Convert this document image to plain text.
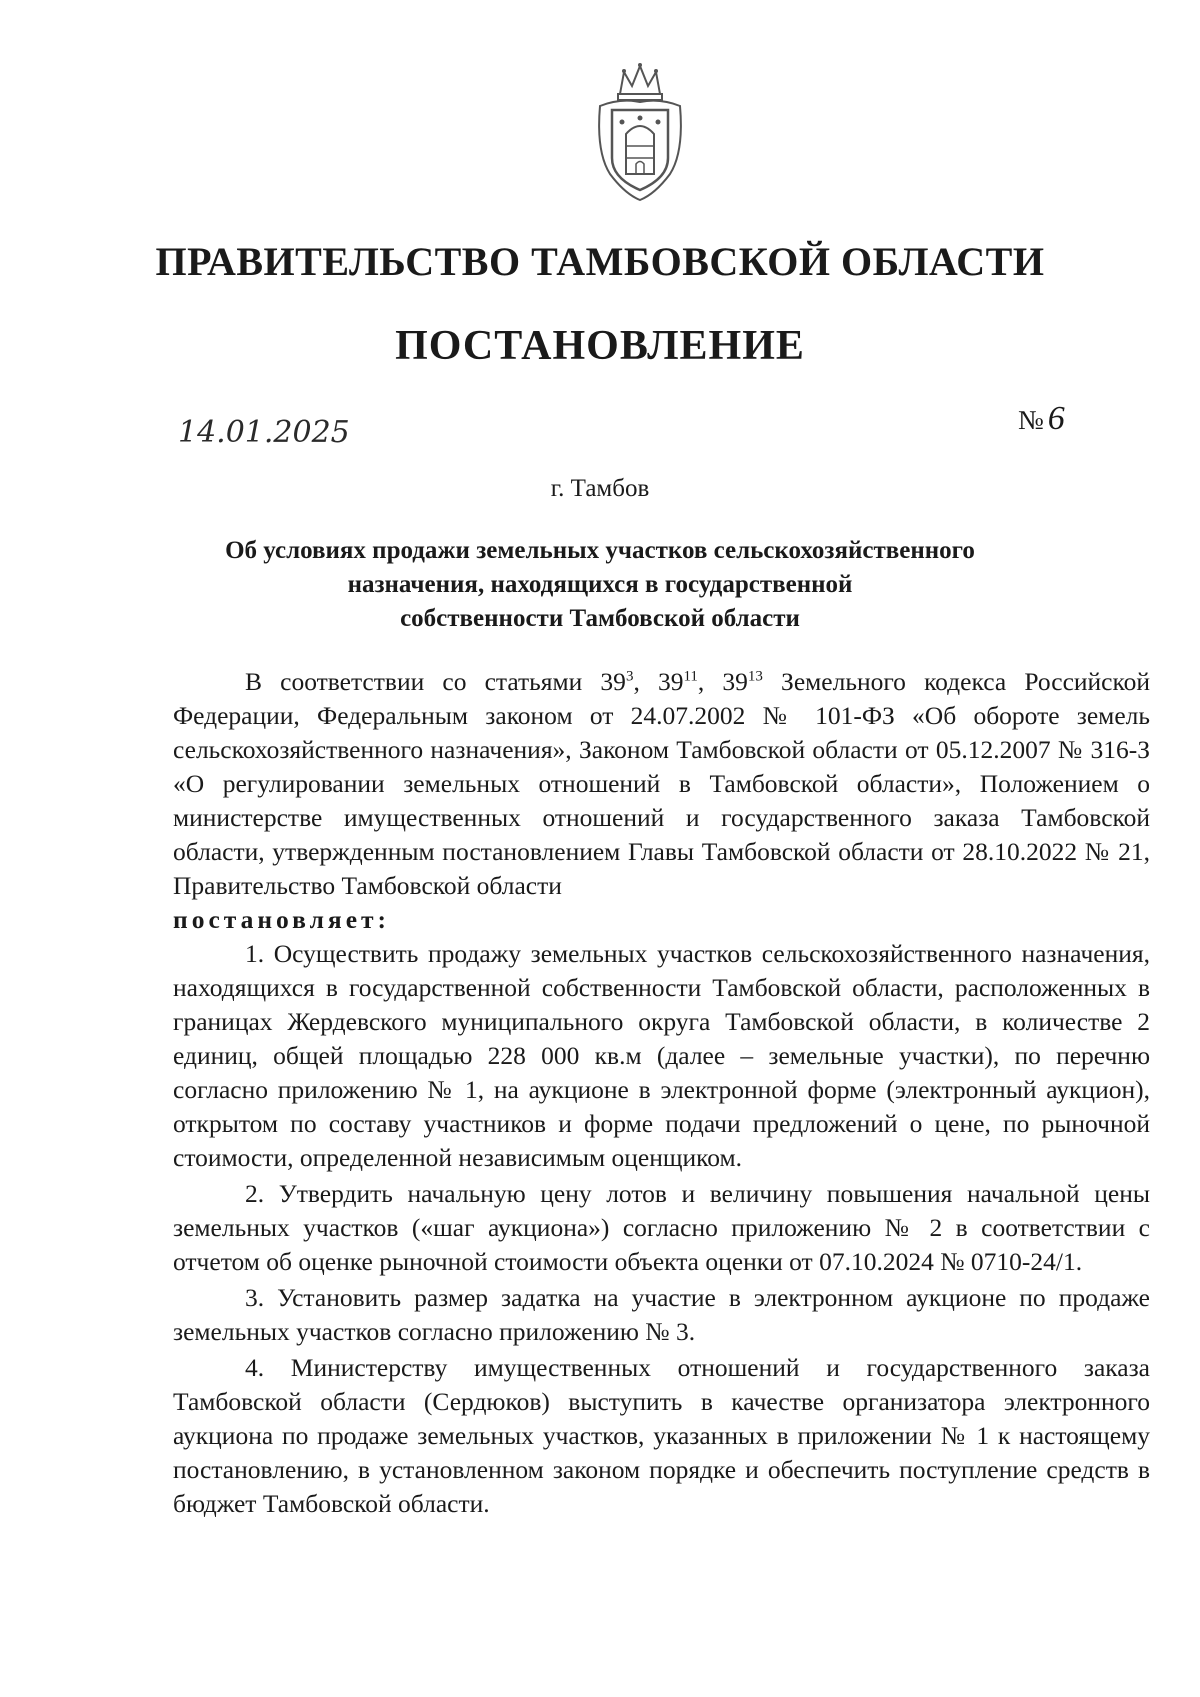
ПРАВИТЕЛЬСТВО ТАМБОВСКОЙ ОБЛАСТИ
ПОСТАНОВЛЕНИЕ
14.01.2025	№ 6
г. Тамбов
Об условиях продажи земельных участков сельскохозяйственного
назначения, находящихся в государственной
собственности Тамбовской области

В соответствии со статьями $39^3$, $39^{11}$, $39^{13}$ Земельного кодекса Российской Федерации, Федеральным законом от 24.07.2002 № 101-ФЗ «Об обороте земель сельскохозяйственного назначения», Законом Тамбовской области от 05.12.2007 № 316-З «О регулировании земельных отношений в Тамбовской области», Положением о министерстве имущественных отношений и государственного заказа Тамбовской области, утвержденным постановлением Главы Тамбовской области от 28.10.2022 № 21, Правительство Тамбовской области

постановляет:

1. Осуществить продажу земельных участков сельскохозяйственного назначения, находящихся в государственной собственности Тамбовской области, расположенных в границах Жердевского муниципального округа Тамбовской области, в количестве 2 единиц, общей площадью 228 000 кв.м (далее – земельные участки), по перечню согласно приложению № 1, на аукционе в электронной форме (электронный аукцион), открытом по составу участников и форме подачи предложений о цене, по рыночной стоимости, определенной независимым оценщиком.

2. Утвердить начальную цену лотов и величину повышения начальной цены земельных участков («шаг аукциона») согласно приложению № 2 в соответствии с отчетом об оценке рыночной стоимости объекта оценки от 07.10.2024 № 0710-24/1.

3. Установить размер задатка на участие в электронном аукционе по продаже земельных участков согласно приложению № 3.

4. Министерству имущественных отношений и государственного заказа Тамбовской области (Сердюков) выступить в качестве организатора электронного аукциона по продаже земельных участков, указанных в приложении № 1 к настоящему постановлению, в установленном законом порядке и обеспечить поступление средств в бюджет Тамбовской области.
